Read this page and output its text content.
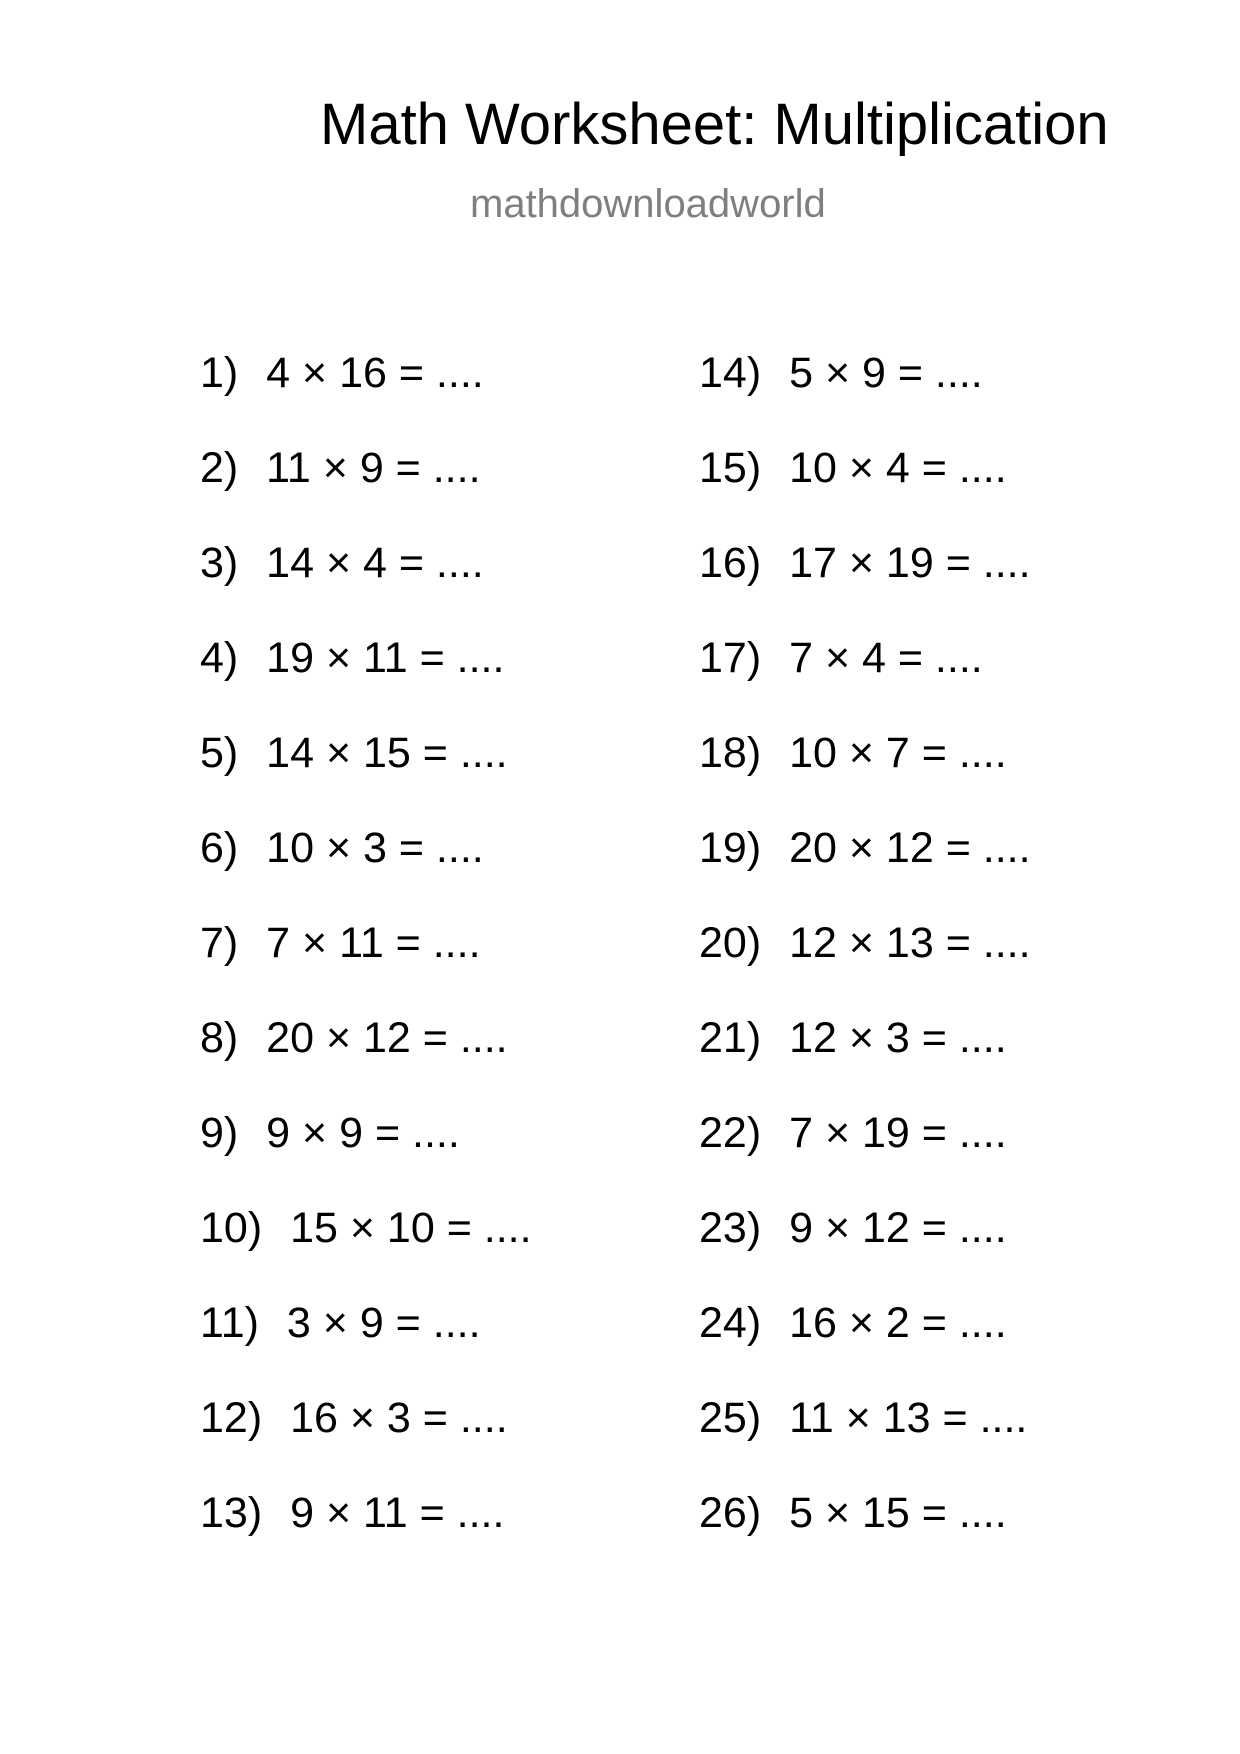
Math Worksheet: Multiplication
mathdownloadworld
1) 4 × 16 = ....
2) 11 × 9 = ....
3) 14 × 4 = ....
4) 19 × 11 = ....
5) 14 × 15 = ....
6) 10 × 3 = ....
7) 7 × 11 = ....
8) 20 × 12 = ....
9) 9 × 9 = ....
10) 15 × 10 = ....
11) 3 × 9 = ....
12) 16 × 3 = ....
13) 9 × 11 = ....
14) 5 × 9 = ....
15) 10 × 4 = ....
16) 17 × 19 = ....
17) 7 × 4 = ....
18) 10 × 7 = ....
19) 20 × 12 = ....
20) 12 × 13 = ....
21) 12 × 3 = ....
22) 7 × 19 = ....
23) 9 × 12 = ....
24) 16 × 2 = ....
25) 11 × 13 = ....
26) 5 × 15 = ....
